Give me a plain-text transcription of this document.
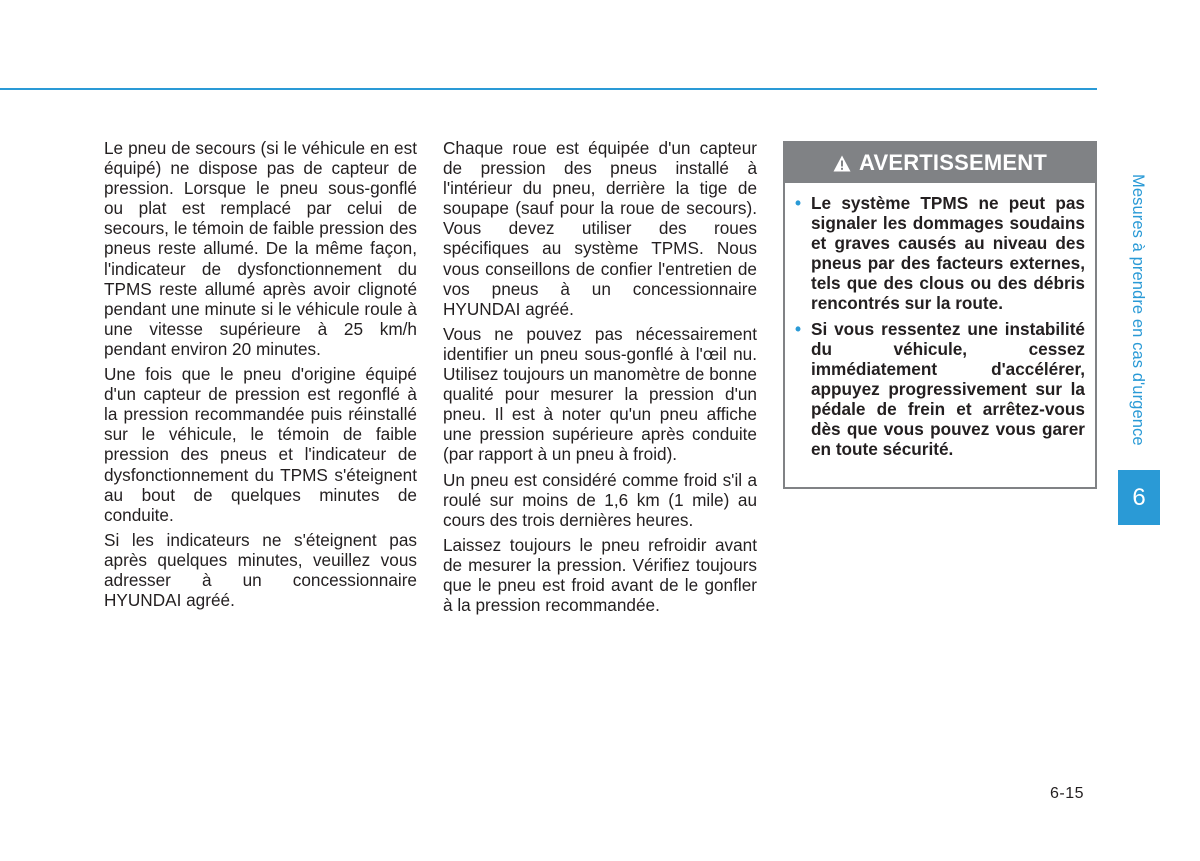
Le pneu de secours (si le véhicule en est équipé) ne dispose pas de capteur de pression. Lorsque le pneu sous-gonflé ou plat est remplacé par celui de secours, le témoin de faible pression des pneus reste allumé. De la même façon, l'indicateur de dysfonctionnement du TPMS reste allumé après avoir clignoté pendant une minute si le véhicule roule à une vitesse supérieure à 25 km/h pendant environ 20 minutes.

Une fois que le pneu d'origine équipé d'un capteur de pression est regonflé à la pression recommandée puis réinstallé sur le véhicule, le témoin de faible pression des pneus et l'indicateur de dysfonctionnement du TPMS s'éteignent au bout de quelques minutes de conduite.

Si les indicateurs ne s'éteignent pas après quelques minutes, veuillez vous adresser à un concessionnaire HYUNDAI agréé.

Chaque roue est équipée d'un capteur de pression des pneus installé à l'intérieur du pneu, derrière la tige de soupape (sauf pour la roue de secours). Vous devez utiliser des roues spécifiques au système TPMS. Nous vous conseillons de confier l'entretien de vos pneus à un concessionnaire HYUNDAI agréé.

Vous ne pouvez pas nécessairement identifier un pneu sous-gonflé à l'œil nu. Utilisez toujours un manomètre de bonne qualité pour mesurer la pression d'un pneu. Il est à noter qu'un pneu affiche une pression supérieure après conduite (par rapport à un pneu à froid).

Un pneu est considéré comme froid s'il a roulé sur moins de 1,6 km (1 mile) au cours des trois dernières heures.

Laissez toujours le pneu refroidir avant de mesurer la pression. Vérifiez toujours que le pneu est froid avant de le gonfler à la pression recommandée.

AVERTISSEMENT
• Le système TPMS ne peut pas signaler les dommages soudains et graves causés au niveau des pneus par des facteurs externes, tels que des clous ou des débris rencontrés sur la route.
• Si vous ressentez une instabilité du véhicule, cessez immédiatement d'accélérer, appuyez progressivement sur la pédale de frein et arrêtez-vous dès que vous pouvez vous garer en toute sécurité.
Mesures à prendre en cas d'urgence
6
6-15
